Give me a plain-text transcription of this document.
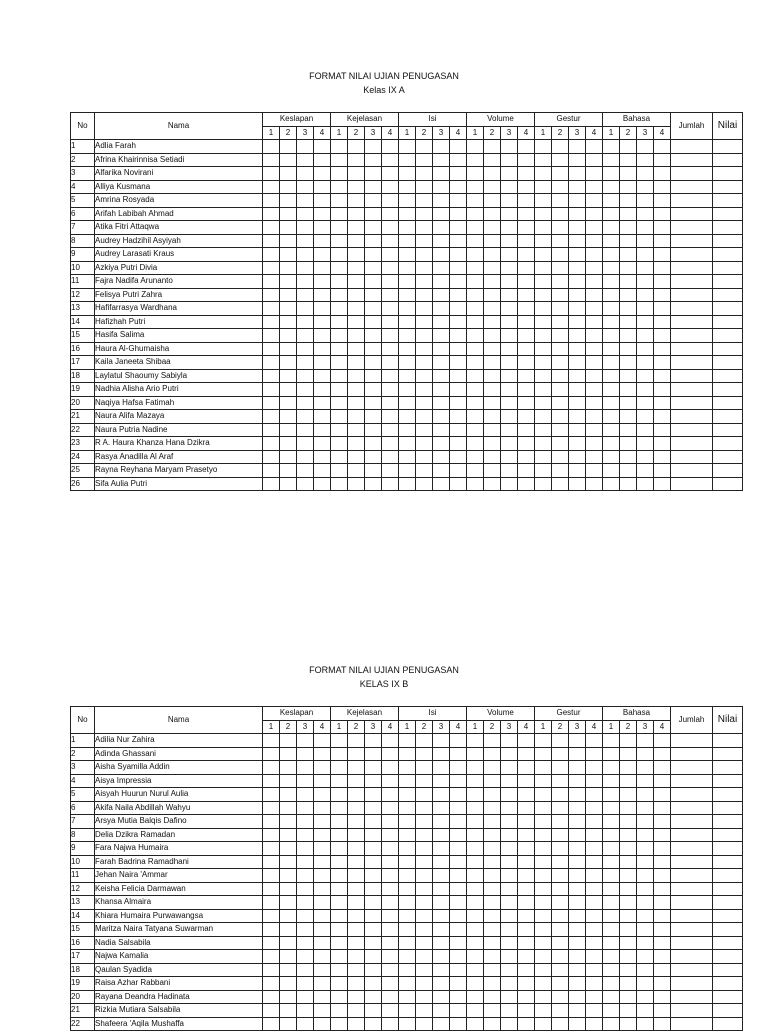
FORMAT NILAI UJIAN PENUGASAN
Kelas IX A
No	Nama	Keslapan				Kejelasan				Isi				Volume				Gestur				Bahasa				Jumlah	Nilai
		1	2	3	4	1	2	3	4	1	2	3	4	1	2	3	4	1	2	3	4	1	2	3	4		
1	Adlia Farah																										
2	Afrina Khairinnisa Setiadi																										
3	Alfarika Novirani																										
4	Alliya Kusmana																										
5	Amrina Rosyada																										
6	Arifah Labibah Ahmad																										
7	Atika Fitri Attaqwa																										
8	Audrey Hadzihil Asyiyah																										
9	Audrey Larasati Kraus																										
10	Azkiya Putri Divia																										
11	Fajra Nadifa Arunanto																										
12	Felisya Putri Zahra																										
13	Hafifarrasya Wardhana																										
14	Hafizhah Putri																										
15	Hasifa Salima																										
16	Haura Al-Ghumaisha																										
17	Kaila Janeeta Shibaa																										
18	Laylatul Shaoumy Sabiyla																										
19	Nadhia Alisha Ario Putri																										
20	Naqiya Hafsa Fatimah																										
21	Naura Alifa Mazaya																										
22	Naura Putria Nadine																										
23	R A. Haura Khanza Hana Dzikra																										
24	Rasya Anadilla Al Araf																										
25	Rayna Reyhana Maryam Prasetyo																										
26	Sifa Aulia Putri																										
FORMAT NILAI UJIAN PENUGASAN
KELAS IX B
No	Nama	Keslapan				Kejelasan				Isi				Volume				Gestur				Bahasa				Jumlah	Nilai
		1	2	3	4	1	2	3	4	1	2	3	4	1	2	3	4	1	2	3	4	1	2	3	4		
1	Adilia Nur Zahira																										
2	Adinda Ghassani																										
3	Aisha Syamilla Addin																										
4	Aisya Impressia																										
5	Aisyah Huurun Nurul Aulia																										
6	Akifa Naila Abdillah Wahyu																										
7	Arsya Mutia Balqis Dafino																										
8	Delia Dzikra Ramadan																										
9	Fara Najwa Humaira																										
10	Farah Badrina Ramadhani																										
11	Jehan Naira 'Ammar																										
12	Keisha Felicia Darmawan																										
13	Khansa Almaira																										
14	Khiara Humaira Purwawangsa																										
15	Maritza Naira Tatyana Suwarman																										
16	Nadia Salsabila																										
17	Najwa Kamalia																										
18	Qaulan Syadida																										
19	Raisa Azhar Rabbani																										
20	Rayana Deandra Hadinata																										
21	Rizkia Mutiara Salsabila																										
22	Shafeera 'Aqila Mushaffa																										
